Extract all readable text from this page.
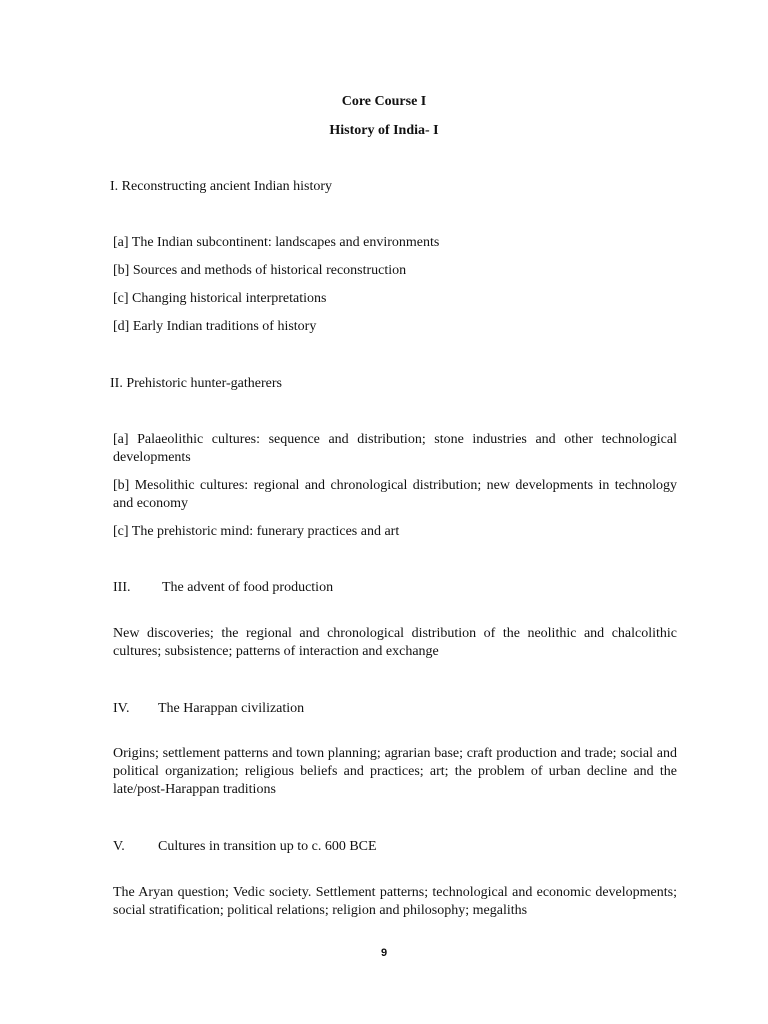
Core Course I
History of India- I
I. Reconstructing ancient Indian history
[a] The Indian subcontinent: landscapes and environments
[b] Sources and methods of historical reconstruction
[c] Changing historical interpretations
[d] Early Indian traditions of history
II. Prehistoric hunter-gatherers
[a] Palaeolithic cultures: sequence and distribution; stone industries and other technological developments
[b] Mesolithic cultures: regional and chronological distribution; new developments in technology and economy
[c] The prehistoric mind: funerary practices and art
III. The advent of food production
New discoveries; the regional and chronological distribution of the neolithic and chalcolithic cultures; subsistence; patterns of interaction and exchange
IV. The Harappan civilization
Origins; settlement patterns and town planning; agrarian base; craft production and trade; social and political organization; religious beliefs and practices; art; the problem of urban decline and the late/post-Harappan traditions
V. Cultures in transition up to c. 600 BCE
The Aryan question; Vedic society. Settlement patterns; technological and economic developments; social stratification; political relations; religion and philosophy; megaliths
9
